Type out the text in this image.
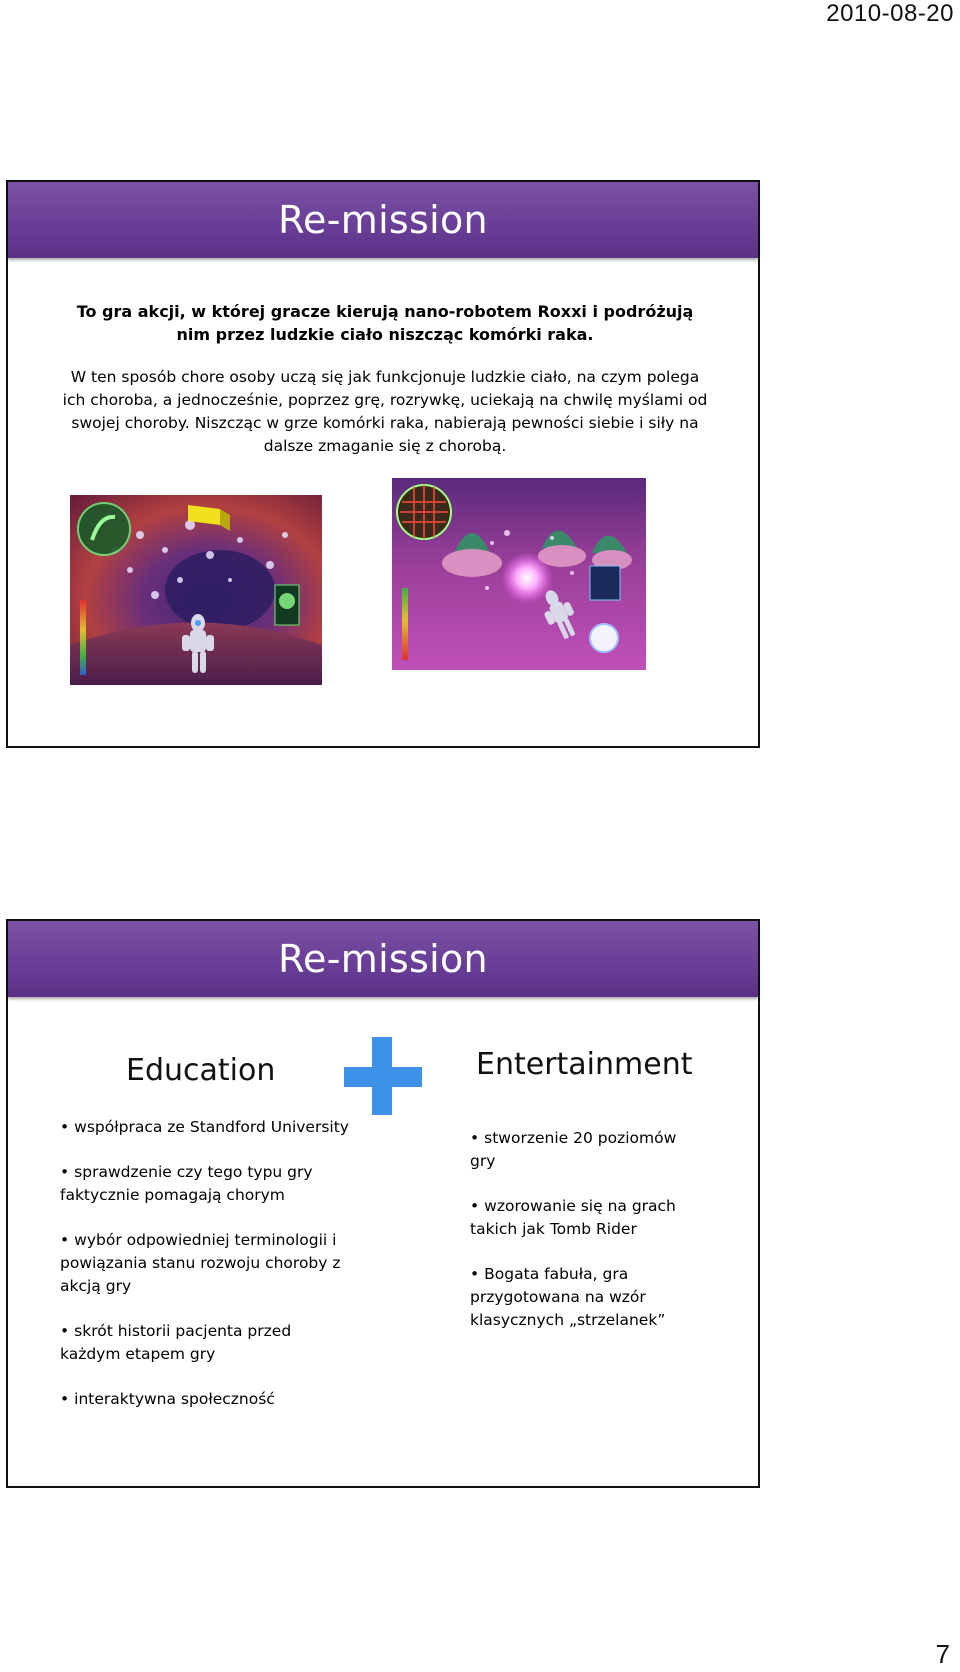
2010-08-20
Re-mission
To gra akcji, w której gracze kierują nano-robotem Roxxi i podróżują nim przez ludzkie ciało niszcząc komórki raka.
W ten sposób chore osoby uczą się jak funkcjonuje ludzkie ciało, na czym polega ich choroba, a jednocześnie, poprzez grę, rozrywkę, uciekają na chwilę myślami od swojej choroby. Niszcząc w grze komórki raka, nabierają pewności siebie i siły na dalsze zmaganie się z chorobą.
Re-mission
Education	Entertainment
• współpraca ze Standford University
• sprawdzenie czy tego typu gry faktycznie pomagają chorym
• wybór odpowiedniej terminologii i powiązania stanu rozwoju choroby z akcją gry
• skrót historii pacjenta przed każdym etapem gry
• interaktywna społeczność
• stworzenie 20 poziomów gry
• wzorowanie się na grach takich jak Tomb Rider
• Bogata fabuła, gra przygotowana na wzór klasycznych „strzelanek”
7
